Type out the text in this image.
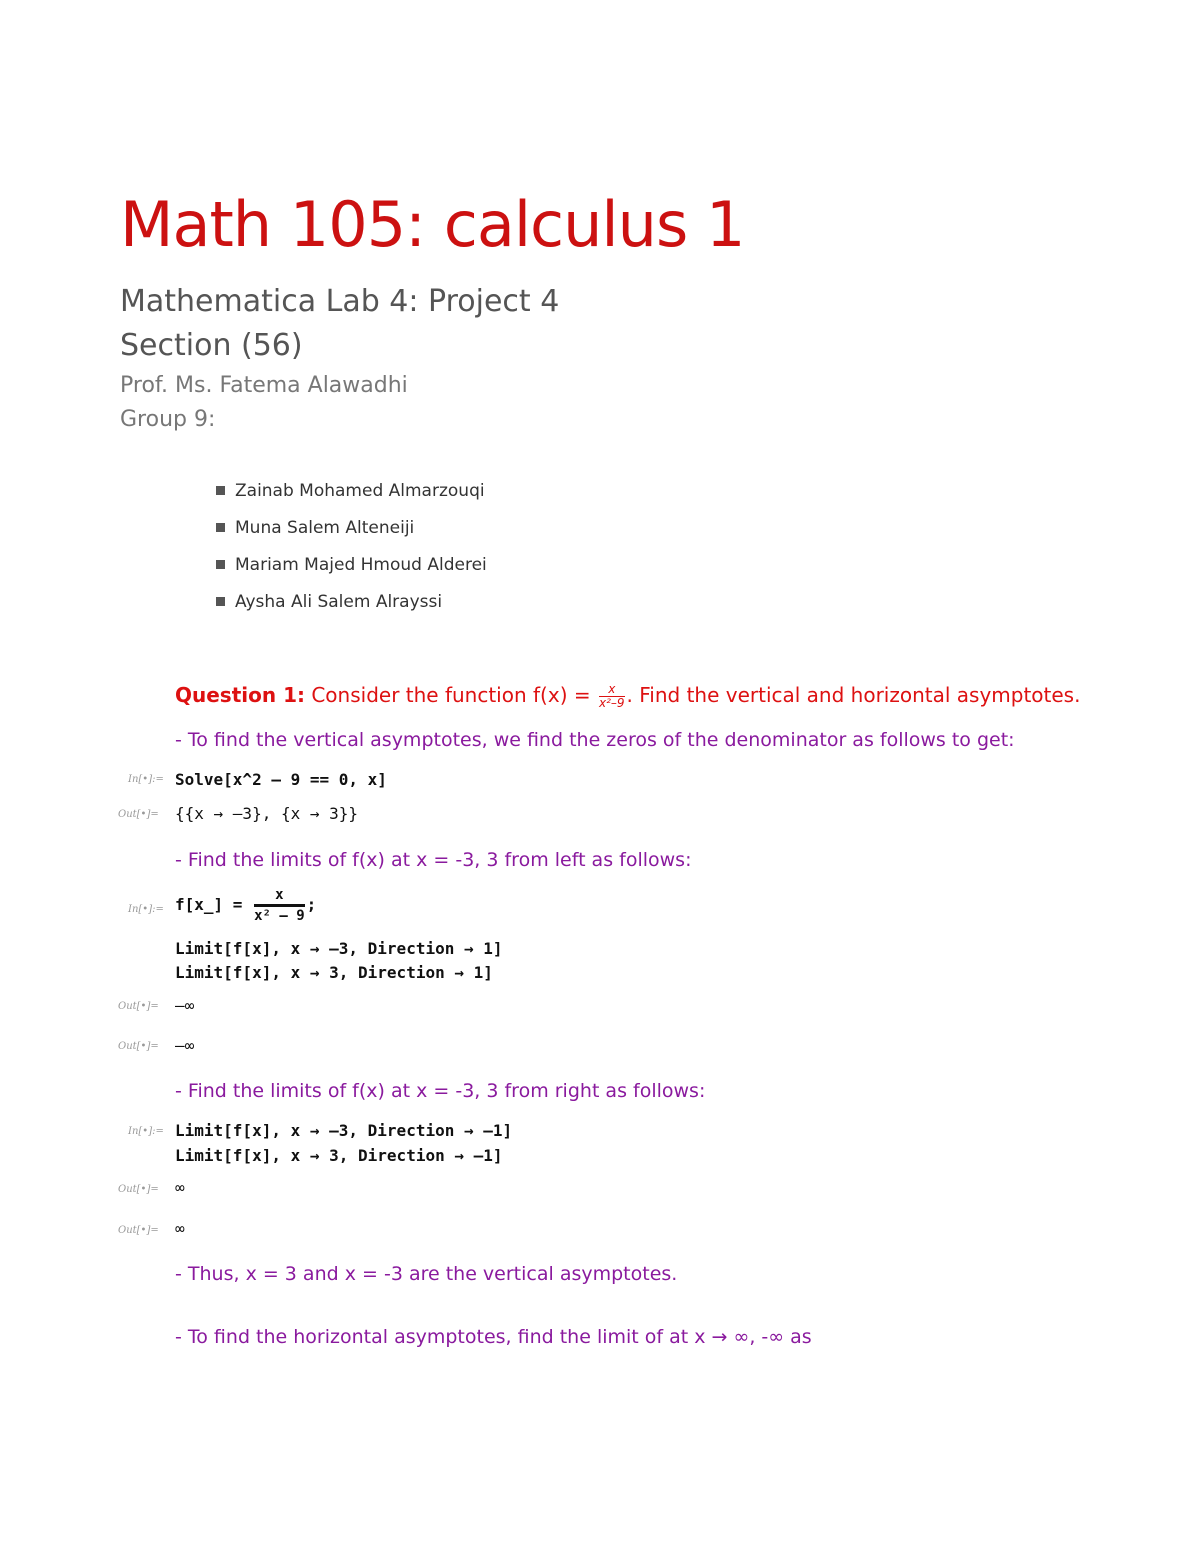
Math 105: calculus 1
Mathematica Lab 4: Project 4
Section (56)
Prof. Ms. Fatema Alawadhi
Group 9:
Zainab Mohamed Almarzouqi
Muna Salem Alteneiji
Mariam Majed Hmoud Alderei
Aysha Ali Salem Alrayssi
Question 1: Consider the function $f(x) = \frac{x}{\text{x²–9}}$ . Find the vertical and horizontal asymptotes.
- To find the vertical asymptotes, we find the zeros of the denominator as follows to get:
In[•]:= Solve[x^2 – 9 == 0, x]
Out[•]=	{{x → –3}, {x → 3}}
- Find the limits of f(x) at x = -3, 3 from left as follows:
In[•]:= f[x_] = $\frac{x}{\text{x² – 9}}$ ;
Limit[f[x], x → –3, Direction → 1]
Limit[f[x], x → 3, Direction → 1]
Out[•]=	–∞
Out[•]=	–∞
- Find the limits of f(x) at x = -3, 3 from right as follows:
In[•]:= Limit[f[x], x → –3, Direction → –1]
Limit[f[x], x → 3, Direction → –1]
Out[•]=	∞
Out[•]=	∞
- Thus, x = 3 and x = -3 are the vertical asymptotes.
- To find the horizontal asymptotes, find the limit of at x → ∞, -∞ as
